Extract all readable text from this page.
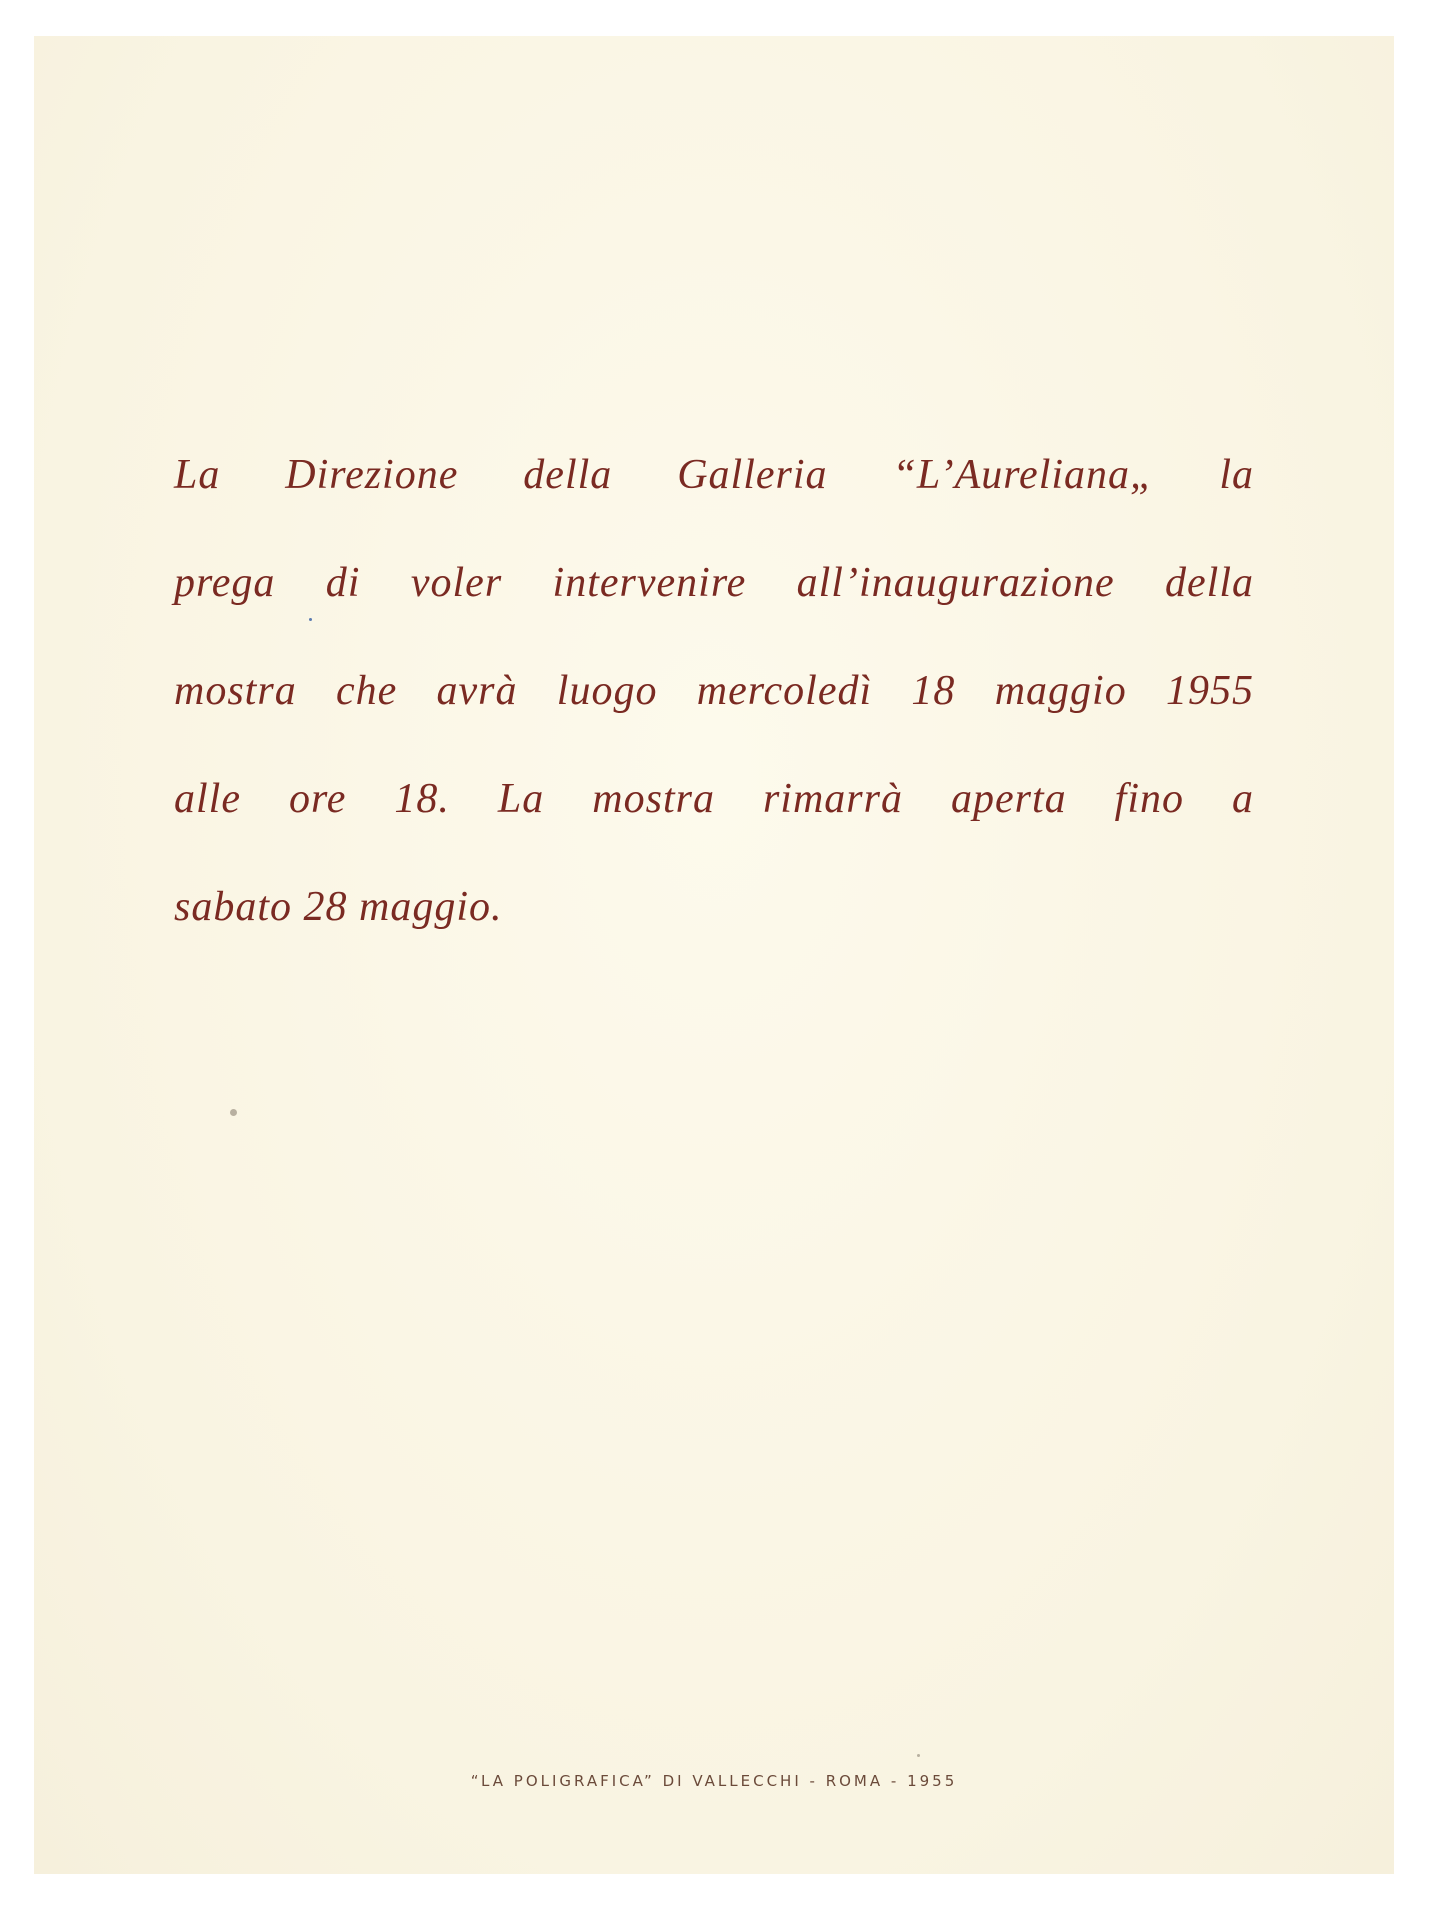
La Direzione della Galleria “L’Aureliana„ la
prega di voler intervenire all’inaugurazione della
mostra che avrà luogo mercoledì 18 maggio 1955
alle ore 18. La mostra rimarrà aperta fino a
sabato 28 maggio.
“LA POLIGRAFICA” DI VALLECCHI - ROMA - 1955
